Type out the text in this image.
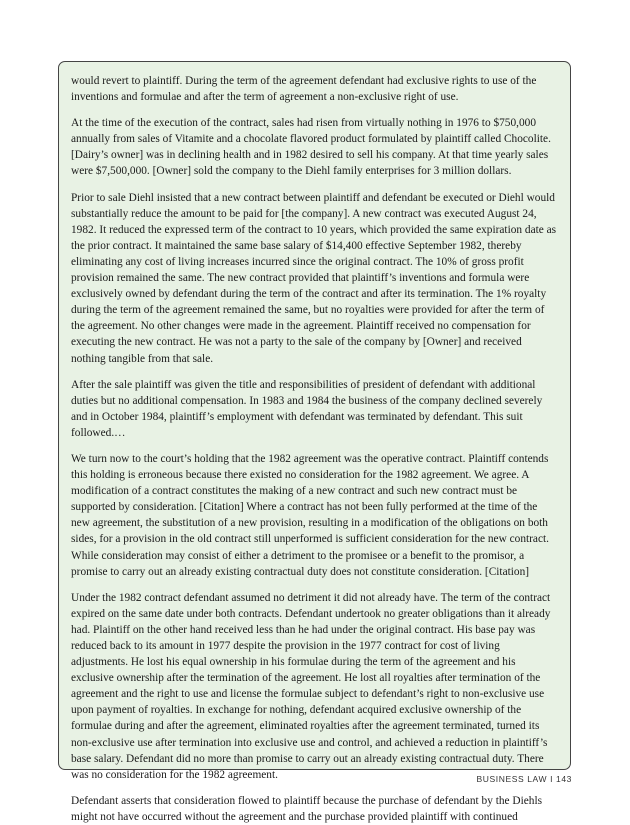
would revert to plaintiff. During the term of the agreement defendant had exclusive rights to use of the inventions and formulae and after the term of agreement a non-exclusive right of use.

At the time of the execution of the contract, sales had risen from virtually nothing in 1976 to $750,000 annually from sales of Vitamite and a chocolate flavored product formulated by plaintiff called Chocolite. [Dairy’s owner] was in declining health and in 1982 desired to sell his company. At that time yearly sales were $7,500,000. [Owner] sold the company to the Diehl family enterprises for 3 million dollars.

Prior to sale Diehl insisted that a new contract between plaintiff and defendant be executed or Diehl would substantially reduce the amount to be paid for [the company]. A new contract was executed August 24, 1982. It reduced the expressed term of the contract to 10 years, which provided the same expiration date as the prior contract. It maintained the same base salary of $14,400 effective September 1982, thereby eliminating any cost of living increases incurred since the original contract. The 10% of gross profit provision remained the same. The new contract provided that plaintiff’s inventions and formula were exclusively owned by defendant during the term of the contract and after its termination. The 1% royalty during the term of the agreement remained the same, but no royalties were provided for after the term of the agreement. No other changes were made in the agreement. Plaintiff received no compensation for executing the new contract. He was not a party to the sale of the company by [Owner] and received nothing tangible from that sale.

After the sale plaintiff was given the title and responsibilities of president of defendant with additional duties but no additional compensation. In 1983 and 1984 the business of the company declined severely and in October 1984, plaintiff’s employment with defendant was terminated by defendant. This suit followed.…

We turn now to the court’s holding that the 1982 agreement was the operative contract. Plaintiff contends this holding is erroneous because there existed no consideration for the 1982 agreement. We agree. A modification of a contract constitutes the making of a new contract and such new contract must be supported by consideration. [Citation] Where a contract has not been fully performed at the time of the new agreement, the substitution of a new provision, resulting in a modification of the obligations on both sides, for a provision in the old contract still unperformed is sufficient consideration for the new contract. While consideration may consist of either a detriment to the promisee or a benefit to the promisor, a promise to carry out an already existing contractual duty does not constitute consideration. [Citation]

Under the 1982 contract defendant assumed no detriment it did not already have. The term of the contract expired on the same date under both contracts. Defendant undertook no greater obligations than it already had. Plaintiff on the other hand received less than he had under the original contract. His base pay was reduced back to its amount in 1977 despite the provision in the 1977 contract for cost of living adjustments. He lost his equal ownership in his formulae during the term of the agreement and his exclusive ownership after the termination of the agreement. He lost all royalties after termination of the agreement and the right to use and license the formulae subject to defendant’s right to non-exclusive use upon payment of royalties. In exchange for nothing, defendant acquired exclusive ownership of the formulae during and after the agreement, eliminated royalties after the agreement terminated, turned its non-exclusive use after termination into exclusive use and control, and achieved a reduction in plaintiff’s base salary. Defendant did no more than promise to carry out an already existing contractual duty. There was no consideration for the 1982 agreement.

Defendant asserts that consideration flowed to plaintiff because the purchase of defendant by the Diehls might not have occurred without the agreement and the purchase provided plaintiff with continued

BUSINESS LAW I 143
